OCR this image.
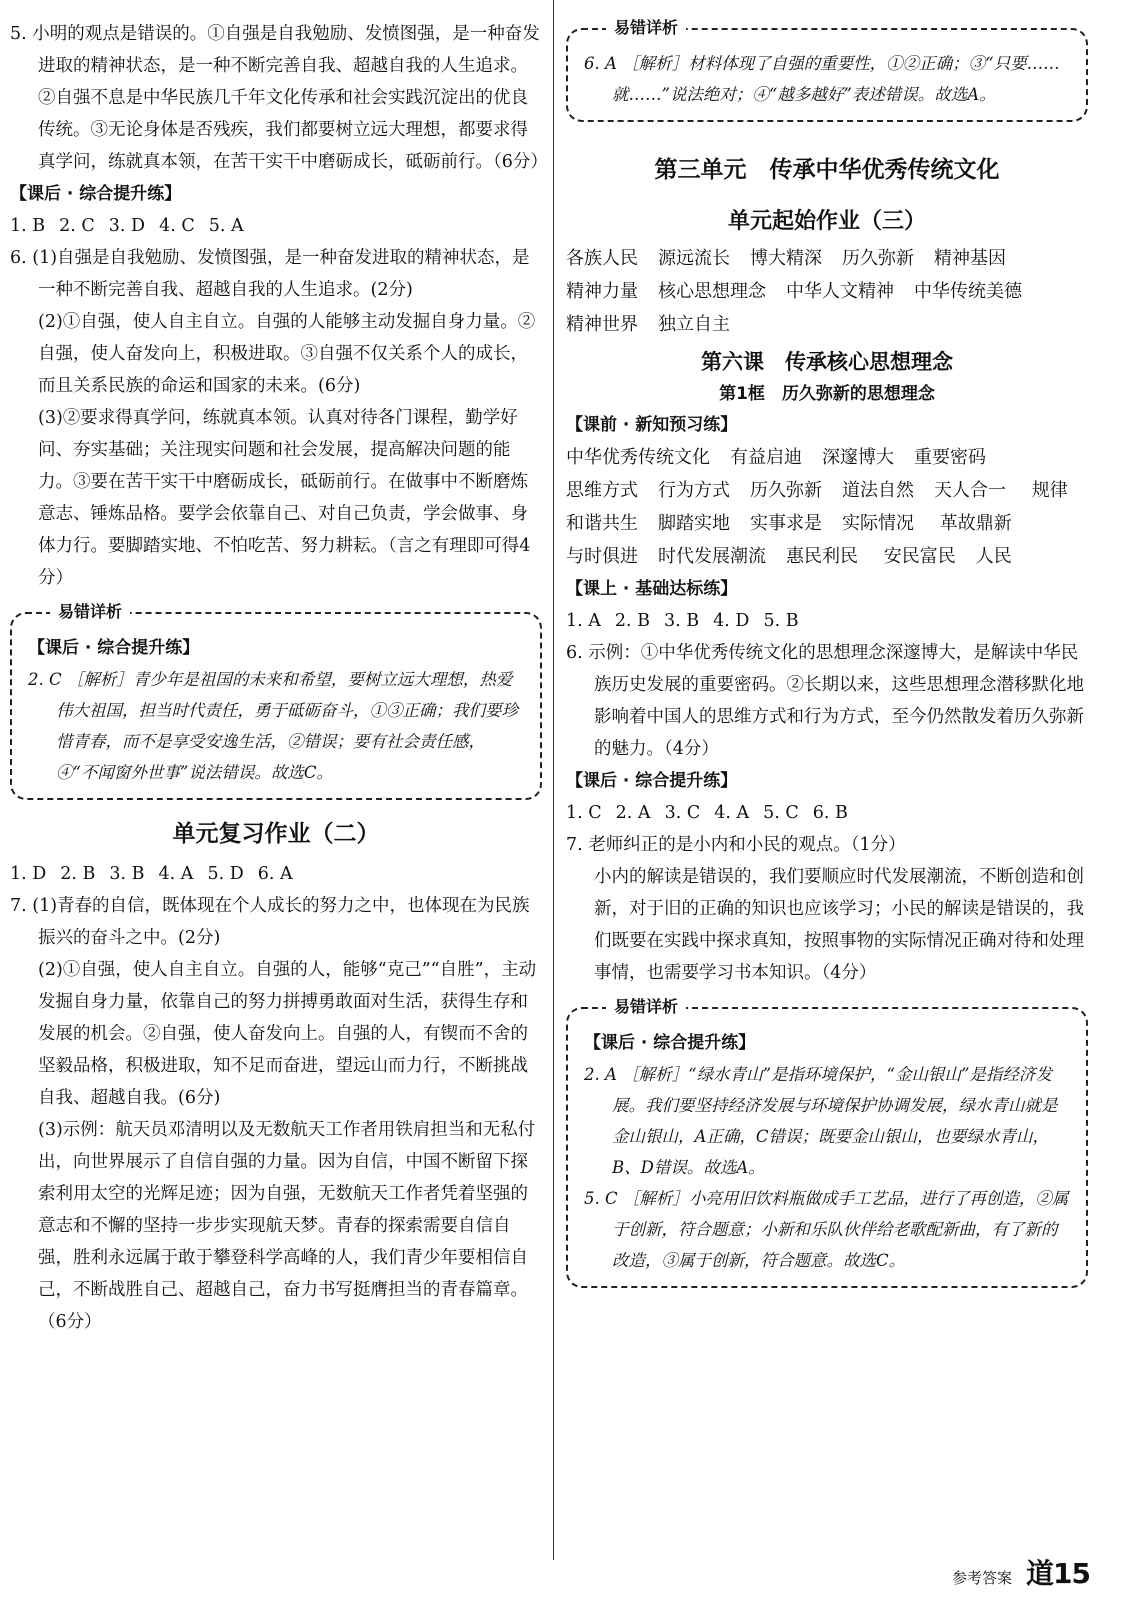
5. 小明的观点是错误的。①自强是自我勉励、发愤图强，是一种奋发进取的精神状态，是一种不断完善自我、超越自我的人生追求。②自强不息是中华民族几千年文化传承和社会实践沉淀出的优良传统。③无论身体是否残疾，我们都要树立远大理想，都要求得真学问，练就真本领，在苦干实干中磨砺成长，砥砺前行。（6分）

【课后 · 综合提升练】

1. B 2. C 3. D 4. C 5. A

6. (1)自强是自我勉励、发愤图强，是一种奋发进取的精神状态，是一种不断完善自我、超越自我的人生追求。(2分)

(2)①自强，使人自主自立。自强的人能够主动发掘自身力量。②自强，使人奋发向上，积极进取。③自强不仅关系个人的成长，而且关系民族的命运和国家的未来。(6分)

(3)②要求得真学问，练就真本领。认真对待各门课程，勤学好问、夯实基础；关注现实问题和社会发展，提高解决问题的能力。③要在苦干实干中磨砺成长，砥砺前行。在做事中不断磨炼意志、锤炼品格。要学会依靠自己、对自己负责，学会做事、身体力行。要脚踏实地、不怕吃苦、努力耕耘。（言之有理即可得4分）

易错详析

【课后 · 综合提升练】

2. C ［解析］青少年是祖国的未来和希望，要树立远大理想，热爱伟大祖国，担当时代责任，勇于砥砺奋斗，①③正确；我们要珍惜青春，而不是享受安逸生活，②错误；要有社会责任感，④“不闻窗外世事”说法错误。故选C。

单元复习作业（二）

1. D 2. B 3. B 4. A 5. D 6. A

7. (1)青春的自信，既体现在个人成长的努力之中，也体现在为民族振兴的奋斗之中。(2分)

(2)①自强，使人自主自立。自强的人，能够“克己”“自胜”，主动发掘自身力量，依靠自己的努力拼搏勇敢面对生活，获得生存和发展的机会。②自强，使人奋发向上。自强的人，有锲而不舍的坚毅品格，积极进取，知不足而奋进，望远山而力行，不断挑战自我、超越自我。(6分)

(3)示例：航天员邓清明以及无数航天工作者用铁肩担当和无私付出，向世界展示了自信自强的力量。因为自信，中国不断留下探索利用太空的光辉足迹；因为自强，无数航天工作者凭着坚强的意志和不懈的坚持一步步实现航天梦。青春的探索需要自信自强，胜利永远属于敢于攀登科学高峰的人，我们青少年要相信自己，不断战胜自己、超越自己，奋力书写挺膺担当的青春篇章。（6分）

易错详析

6. A ［解析］材料体现了自强的重要性，①②正确；③“只要……就……”说法绝对；④“越多越好”表述错误。故选A。

第三单元　传承中华优秀传统文化

单元起始作业（三）

各族人民 源远流长 博大精深 历久弥新 精神基因 精神力量 核心思想理念 中华人文精神 中华传统美德 精神世界 独立自主

第六课　传承核心思想理念

第1框　历久弥新的思想理念

【课前 · 新知预习练】

中华优秀传统文化 有益启迪 深邃博大 重要密码 思维方式 行为方式 历久弥新 道法自然 天人合一 规律和谐共生 脚踏实地 实事求是 实际情况 革故鼎新与时俱进 时代发展潮流 惠民利民 安民富民 人民

【课上 · 基础达标练】

1. A 2. B 3. B 4. D 5. B

6. 示例：①中华优秀传统文化的思想理念深邃博大，是解读中华民族历史发展的重要密码。②长期以来，这些思想理念潜移默化地影响着中国人的思维方式和行为方式，至今仍然散发着历久弥新的魅力。（4分）

【课后 · 综合提升练】

1. C 2. A 3. C 4. A 5. C 6. B

7. 老师纠正的是小内和小民的观点。（1分）

小内的解读是错误的，我们要顺应时代发展潮流，不断创造和创新，对于旧的正确的知识也应该学习；小民的解读是错误的，我们既要在实践中探求真知，按照事物的实际情况正确对待和处理事情，也需要学习书本知识。（4分）

易错详析

【课后 · 综合提升练】

2. A ［解析］“绿水青山”是指环境保护，“金山银山”是指经济发展。我们要坚持经济发展与环境保护协调发展，绿水青山就是金山银山，A正确，C错误；既要金山银山，也要绿水青山，B、D错误。故选A。

5. C ［解析］小亮用旧饮料瓶做成手工艺品，进行了再创造，②属于创新，符合题意；小新和乐队伙伴给老歌配新曲，有了新的改造，③属于创新，符合题意。故选C。

参考答案 道15
